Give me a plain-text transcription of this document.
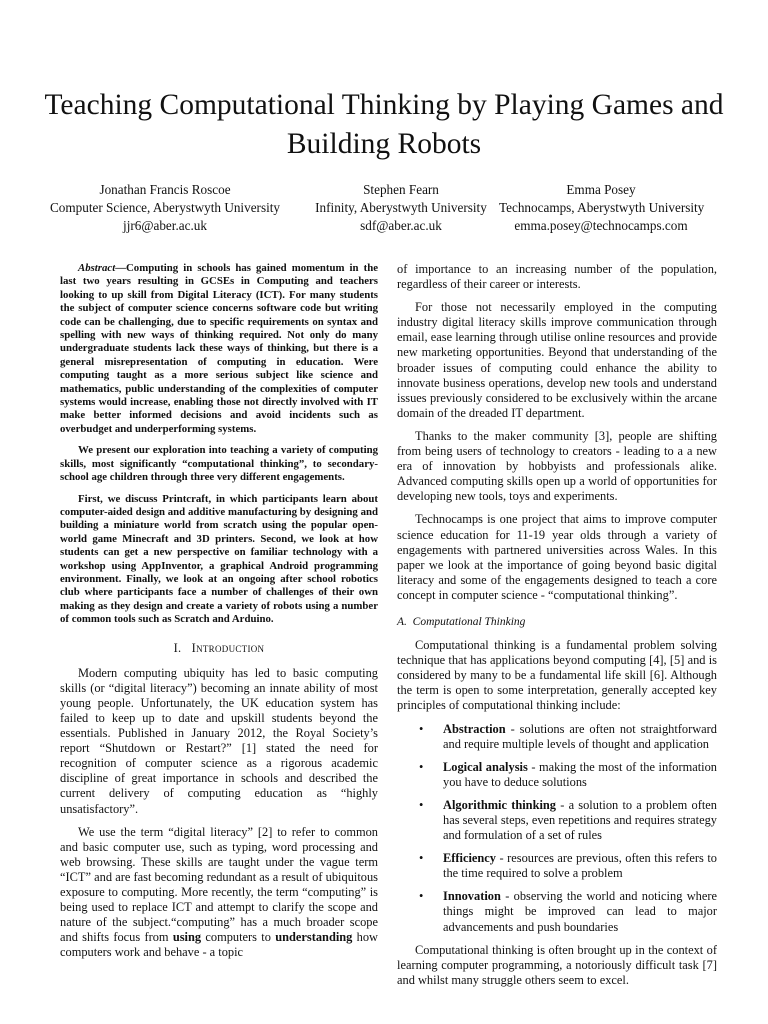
Teaching Computational Thinking by Playing Games and Building Robots
Jonathan Francis Roscoe
Computer Science, Aberystwyth University
jjr6@aber.ac.uk
Stephen Fearn
Infinity, Aberystwyth University
sdf@aber.ac.uk
Emma Posey
Technocamps, Aberystwyth University
emma.posey@technocamps.com

Abstract—Computing in schools has gained momentum in the last two years resulting in GCSEs in Computing and teachers looking to up skill from Digital Literacy (ICT). For many students the subject of computer science concerns software code but writing code can be challenging, due to specific requirements on syntax and spelling with new ways of thinking required. Not only do many undergraduate students lack these ways of thinking, but there is a general misrepresentation of computing in education. Were computing taught as a more serious subject like science and mathematics, public understanding of the complexities of computer systems would increase, enabling those not directly involved with IT make better informed decisions and avoid incidents such as overbudget and underperforming systems.

We present our exploration into teaching a variety of computing skills, most significantly “computational thinking”, to secondary-school age children through three very different engagements.

First, we discuss Printcraft, in which participants learn about computer-aided design and additive manufacturing by designing and building a miniature world from scratch using the popular open-world game Minecraft and 3D printers. Second, we look at how students can get a new perspective on familiar technology with a workshop using AppInventor, a graphical Android programming environment. Finally, we look at an ongoing after school robotics club where participants face a number of challenges of their own making as they design and create a variety of robots using a number of common tools such as Scratch and Arduino.

I. Introduction

Modern computing ubiquity has led to basic computing skills (or “digital literacy”) becoming an innate ability of most young people. Unfortunately, the UK education system has failed to keep up to date and upskill students beyond the essentials. Published in January 2012, the Royal Society’s report “Shutdown or Restart?” [1] stated the need for recognition of computer science as a rigorous academic discipline of great importance in schools and described the current delivery of computing education as “highly unsatisfactory”.

We use the term “digital literacy” [2] to refer to common and basic computer use, such as typing, word processing and web browsing. These skills are taught under the vague term “ICT” and are fast becoming redundant as a result of ubiquitous exposure to computing. More recently, the term “computing” is being used to replace ICT and attempt to clarify the scope and nature of the subject.“computing” has a much broader scope and shifts focus from using computers to understanding how computers work and behave - a topic

of importance to an increasing number of the population, regardless of their career or interests.

For those not necessarily employed in the computing industry digital literacy skills improve communication through email, ease learning through utilise online resources and provide new marketing opportunities. Beyond that understanding of the broader issues of computing could enhance the ability to innovate business operations, develop new tools and understand issues previously considered to be exclusively within the arcane domain of the dreaded IT department.

Thanks to the maker community [3], people are shifting from being users of technology to creators - leading to a a new era of innovation by hobbyists and professionals alike. Advanced computing skills open up a world of opportunities for developing new tools, toys and experiments.

Technocamps is one project that aims to improve computer science education for 11-19 year olds through a variety of engagements with partnered universities across Wales. In this paper we look at the importance of going beyond basic digital literacy and some of the engagements designed to teach a core concept in computer science - “computational thinking”.

A. Computational Thinking

Computational thinking is a fundamental problem solving technique that has applications beyond computing [4], [5] and is considered by many to be a fundamental life skill [6]. Although the term is open to some interpretation, generally accepted key principles of computational thinking include:

• Abstraction - solutions are often not straightforward and require multiple levels of thought and application
• Logical analysis - making the most of the information you have to deduce solutions
• Algorithmic thinking - a solution to a problem often has several steps, even repetitions and requires strategy and formulation of a set of rules
• Efficiency - resources are previous, often this refers to the time required to solve a problem
• Innovation - observing the world and noticing where things might be improved can lead to major advancements and push boundaries

Computational thinking is often brought up in the context of learning computer programming, a notoriously difficult task [7] and whilst many struggle others seem to excel.
